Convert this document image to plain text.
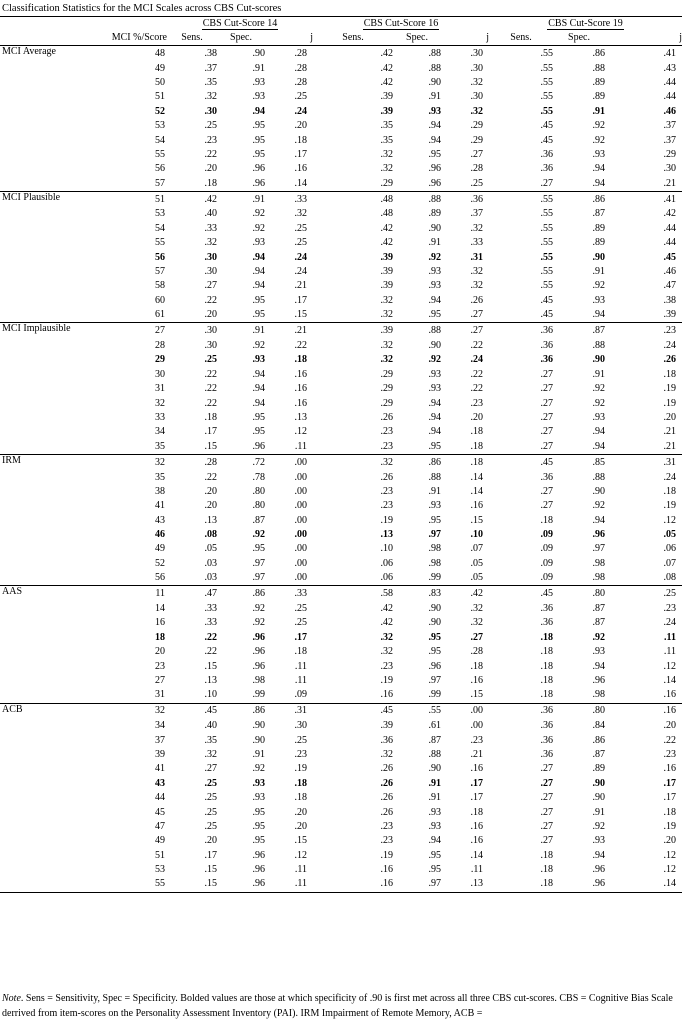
Classification Statistics for the MCI Scales across CBS Cut-scores
		CBS Cut-Score 14			CBS Cut-Score 16			CBS Cut-Score 19		
	MCI %/Score	Sens.	Spec.	j	Sens.	Spec.	j	Sens.	Spec.	j
MCI Average	48	.38	.90	.28	.42	.88	.30	.55	.86	.41
	49	.37	.91	.28	.42	.88	.30	.55	.88	.43
	50	.35	.93	.28	.42	.90	.32	.55	.89	.44
	51	.32	.93	.25	.39	.91	.30	.55	.89	.44
	52	.30	.94	.24	.39	.93	.32	.55	.91	.46
	53	.25	.95	.20	.35	.94	.29	.45	.92	.37
	54	.23	.95	.18	.35	.94	.29	.45	.92	.37
	55	.22	.95	.17	.32	.95	.27	.36	.93	.29
	56	.20	.96	.16	.32	.96	.28	.36	.94	.30
	57	.18	.96	.14	.29	.96	.25	.27	.94	.21
MCI Plausible	51	.42	.91	.33	.48	.88	.36	.55	.86	.41
	53	.40	.92	.32	.48	.89	.37	.55	.87	.42
	54	.33	.92	.25	.42	.90	.32	.55	.89	.44
	55	.32	.93	.25	.42	.91	.33	.55	.89	.44
	56	.30	.94	.24	.39	.92	.31	.55	.90	.45
	57	.30	.94	.24	.39	.93	.32	.55	.91	.46
	58	.27	.94	.21	.39	.93	.32	.55	.92	.47
	60	.22	.95	.17	.32	.94	.26	.45	.93	.38
	61	.20	.95	.15	.32	.95	.27	.45	.94	.39
MCI Implausible	27	.30	.91	.21	.39	.88	.27	.36	.87	.23
	28	.30	.92	.22	.32	.90	.22	.36	.88	.24
	29	.25	.93	.18	.32	.92	.24	.36	.90	.26
	30	.22	.94	.16	.29	.93	.22	.27	.91	.18
	31	.22	.94	.16	.29	.93	.22	.27	.92	.19
	32	.22	.94	.16	.29	.94	.23	.27	.92	.19
	33	.18	.95	.13	.26	.94	.20	.27	.93	.20
	34	.17	.95	.12	.23	.94	.18	.27	.94	.21
	35	.15	.96	.11	.23	.95	.18	.27	.94	.21
IRM	32	.28	.72	.00	.32	.86	.18	.45	.85	.31
	35	.22	.78	.00	.26	.88	.14	.36	.88	.24
	38	.20	.80	.00	.23	.91	.14	.27	.90	.18
	41	.20	.80	.00	.23	.93	.16	.27	.92	.19
	43	.13	.87	.00	.19	.95	.15	.18	.94	.12
	46	.08	.92	.00	.13	.97	.10	.09	.96	.05
	49	.05	.95	.00	.10	.98	.07	.09	.97	.06
	52	.03	.97	.00	.06	.98	.05	.09	.98	.07
	56	.03	.97	.00	.06	.99	.05	.09	.98	.08
AAS	11	.47	.86	.33	.58	.83	.42	.45	.80	.25
	14	.33	.92	.25	.42	.90	.32	.36	.87	.23
	16	.33	.92	.25	.42	.90	.32	.36	.87	.24
	18	.22	.96	.17	.32	.95	.27	.18	.92	.11
	20	.22	.96	.18	.32	.95	.28	.18	.93	.11
	23	.15	.96	.11	.23	.96	.18	.18	.94	.12
	27	.13	.98	.11	.19	.97	.16	.18	.96	.14
	31	.10	.99	.09	.16	.99	.15	.18	.98	.16
ACB	32	.45	.86	.31	.45	.55	.00	.36	.80	.16
	34	.40	.90	.30	.39	.61	.00	.36	.84	.20
	37	.35	.90	.25	.36	.87	.23	.36	.86	.22
	39	.32	.91	.23	.32	.88	.21	.36	.87	.23
	41	.27	.92	.19	.26	.90	.16	.27	.89	.16
	43	.25	.93	.18	.26	.91	.17	.27	.90	.17
	44	.25	.93	.18	.26	.91	.17	.27	.90	.17
	45	.25	.95	.20	.26	.93	.18	.27	.91	.18
	47	.25	.95	.20	.23	.93	.16	.27	.92	.19
	49	.20	.95	.15	.23	.94	.16	.27	.93	.20
	51	.17	.96	.12	.19	.95	.14	.18	.94	.12
	53	.15	.96	.11	.16	.95	.11	.18	.96	.12
	55	.15	.96	.11	.16	.97	.13	.18	.96	.14
Note. Sens = Sensitivity, Spec = Specificity. Bolded values are those at which specificity of .90 is first met across all three CBS cut-scores. CBS = Cognitive Bias Scale derrived from item-scores on the Personality Assessment Inventory (PAI). IRM Impairment of Remote Memory, ACB =
